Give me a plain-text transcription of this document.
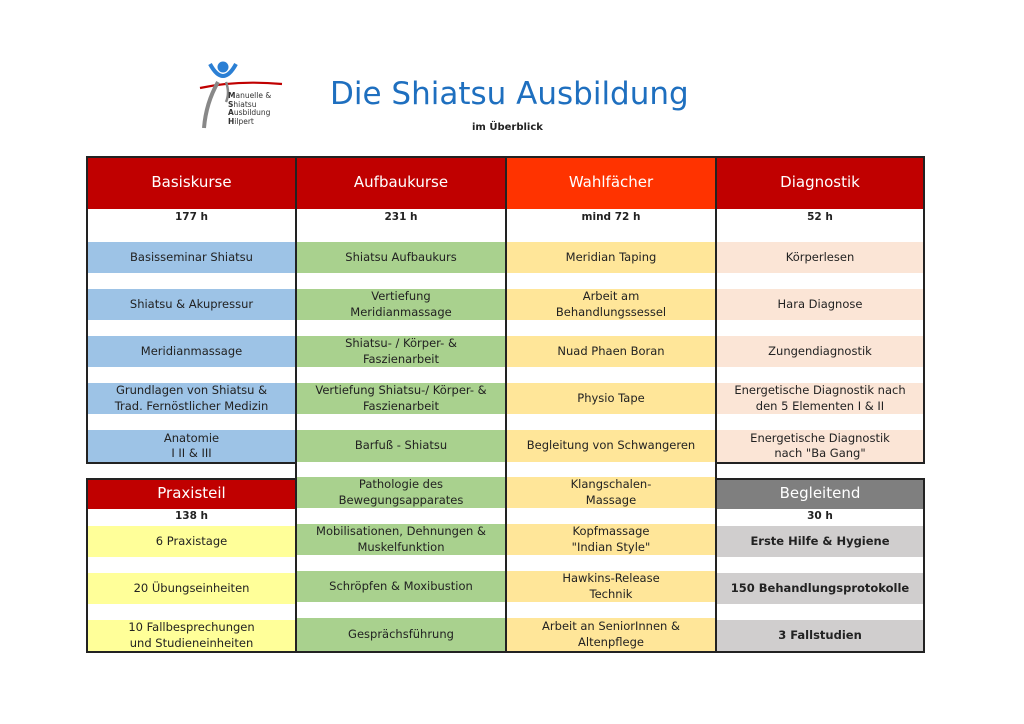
Manuelle &
Shiatsu
Ausbildung
Hilpert
Die Shiatsu Ausbildung
im Überblick
Basiskurse
177 h
Basisseminar Shiatsu
Shiatsu & Akupressur
Meridianmassage
Grundlagen von Shiatsu &
Trad. Fernöstlicher Medizin
Anatomie
I II & III
Aufbaukurse
231 h
Shiatsu Aufbaukurs
Vertiefung
Meridianmassage
Shiatsu- / Körper- &
Faszienarbeit
Vertiefung Shiatsu-/ Körper- &
Faszienarbeit
Barfuß - Shiatsu
Pathologie des
Bewegungsapparates
Mobilisationen, Dehnungen &
Muskelfunktion
Schröpfen & Moxibustion
Gesprächsführung
Wahlfächer
mind 72 h
Meridian Taping
Arbeit am
Behandlungssessel
Nuad Phaen Boran
Physio Tape
Begleitung von Schwangeren
Klangschalen-
Massage
Kopfmassage
"Indian Style"
Hawkins-Release
Technik
Arbeit an SeniorInnen &
Altenpflege
Diagnostik
52 h
Körperlesen
Hara Diagnose
Zungendiagnostik
Energetische Diagnostik nach
den 5 Elementen I & II
Energetische Diagnostik
nach "Ba Gang"
Praxisteil
138 h
6 Praxistage
20 Übungseinheiten
10 Fallbesprechungen
und Studieneinheiten
Begleitend
30 h
Erste Hilfe & Hygiene
150 Behandlungsprotokolle
3 Fallstudien
